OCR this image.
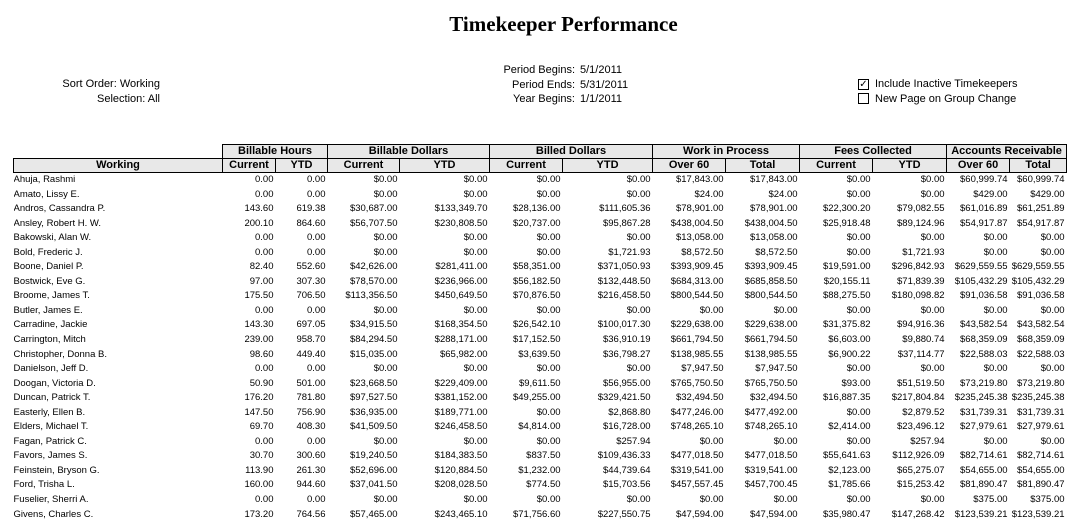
Timekeeper Performance
Sort Order: Working
Selection: All
Period Begins: 5/1/2011
Period Ends: 5/31/2011
Year Begins: 1/1/2011
✓ Include Inactive Timekeepers
New Page on Group Change
	Billable Hours		Billable Dollars		Billed Dollars		Work in Process		Fees Collected		Accounts Receivable	
Working	Current	YTD	Current	YTD	Current	YTD	Over 60	Total	Current	YTD	Over 60	Total
Ahuja, Rashmi	0.00	0.00	$0.00	$0.00	$0.00	$0.00	$17,843.00	$17,843.00	$0.00	$0.00	$60,999.74	$60,999.74
Amato, Lissy E.	0.00	0.00	$0.00	$0.00	$0.00	$0.00	$24.00	$24.00	$0.00	$0.00	$429.00	$429.00
Andros, Cassandra P.	143.60	619.38	$30,687.00	$133,349.70	$28,136.00	$111,605.36	$78,901.00	$78,901.00	$22,300.20	$79,082.55	$61,016.89	$61,251.89
Ansley, Robert H. W.	200.10	864.60	$56,707.50	$230,808.50	$20,737.00	$95,867.28	$438,004.50	$438,004.50	$25,918.48	$89,124.96	$54,917.87	$54,917.87
Bakowski, Alan W.	0.00	0.00	$0.00	$0.00	$0.00	$0.00	$13,058.00	$13,058.00	$0.00	$0.00	$0.00	$0.00
Bold, Frederic J.	0.00	0.00	$0.00	$0.00	$0.00	$1,721.93	$8,572.50	$8,572.50	$0.00	$1,721.93	$0.00	$0.00
Boone, Daniel P.	82.40	552.60	$42,626.00	$281,411.00	$58,351.00	$371,050.93	$393,909.45	$393,909.45	$19,591.00	$296,842.93	$629,559.55	$629,559.55
Bostwick, Eve G.	97.00	307.30	$78,570.00	$236,966.00	$56,182.50	$132,448.50	$684,313.00	$685,858.50	$20,155.11	$71,839.39	$105,432.29	$105,432.29
Broome, James T.	175.50	706.50	$113,356.50	$450,649.50	$70,876.50	$216,458.50	$800,544.50	$800,544.50	$88,275.50	$180,098.82	$91,036.58	$91,036.58
Butler, James E.	0.00	0.00	$0.00	$0.00	$0.00	$0.00	$0.00	$0.00	$0.00	$0.00	$0.00	$0.00
Carradine, Jackie	143.30	697.05	$34,915.50	$168,354.50	$26,542.10	$100,017.30	$229,638.00	$229,638.00	$31,375.82	$94,916.36	$43,582.54	$43,582.54
Carrington, Mitch	239.00	958.70	$84,294.50	$288,171.00	$17,152.50	$36,910.19	$661,794.50	$661,794.50	$6,603.00	$9,880.74	$68,359.09	$68,359.09
Christopher, Donna B.	98.60	449.40	$15,035.00	$65,982.00	$3,639.50	$36,798.27	$138,985.55	$138,985.55	$6,900.22	$37,114.77	$22,588.03	$22,588.03
Danielson, Jeff D.	0.00	0.00	$0.00	$0.00	$0.00	$0.00	$7,947.50	$7,947.50	$0.00	$0.00	$0.00	$0.00
Doogan, Victoria D.	50.90	501.00	$23,668.50	$229,409.00	$9,611.50	$56,955.00	$765,750.50	$765,750.50	$93.00	$51,519.50	$73,219.80	$73,219.80
Duncan, Patrick T.	176.20	781.80	$97,527.50	$381,152.00	$49,255.00	$329,421.50	$32,494.50	$32,494.50	$16,887.35	$217,804.84	$235,245.38	$235,245.38
Easterly, Ellen B.	147.50	756.90	$36,935.00	$189,771.00	$0.00	$2,868.80	$477,246.00	$477,492.00	$0.00	$2,879.52	$31,739.31	$31,739.31
Elders, Michael T.	69.70	408.30	$41,509.50	$246,458.50	$4,814.00	$16,728.00	$748,265.10	$748,265.10	$2,414.00	$23,496.12	$27,979.61	$27,979.61
Fagan, Patrick C.	0.00	0.00	$0.00	$0.00	$0.00	$257.94	$0.00	$0.00	$0.00	$257.94	$0.00	$0.00
Favors, James S.	30.70	300.60	$19,240.50	$184,383.50	$837.50	$109,436.33	$477,018.50	$477,018.50	$55,641.63	$112,926.09	$82,714.61	$82,714.61
Feinstein, Bryson G.	113.90	261.30	$52,696.00	$120,884.50	$1,232.00	$44,739.64	$319,541.00	$319,541.00	$2,123.00	$65,275.07	$54,655.00	$54,655.00
Ford, Trisha L.	160.00	944.60	$37,041.50	$208,028.50	$774.50	$15,703.56	$457,557.45	$457,700.45	$1,785.66	$15,253.42	$81,890.47	$81,890.47
Fuselier, Sherri A.	0.00	0.00	$0.00	$0.00	$0.00	$0.00	$0.00	$0.00	$0.00	$0.00	$375.00	$375.00
Givens, Charles C.	173.20	764.56	$57,465.00	$243,465.10	$71,756.60	$227,550.75	$47,594.00	$47,594.00	$35,980.47	$147,268.42	$123,539.21	$123,539.21
